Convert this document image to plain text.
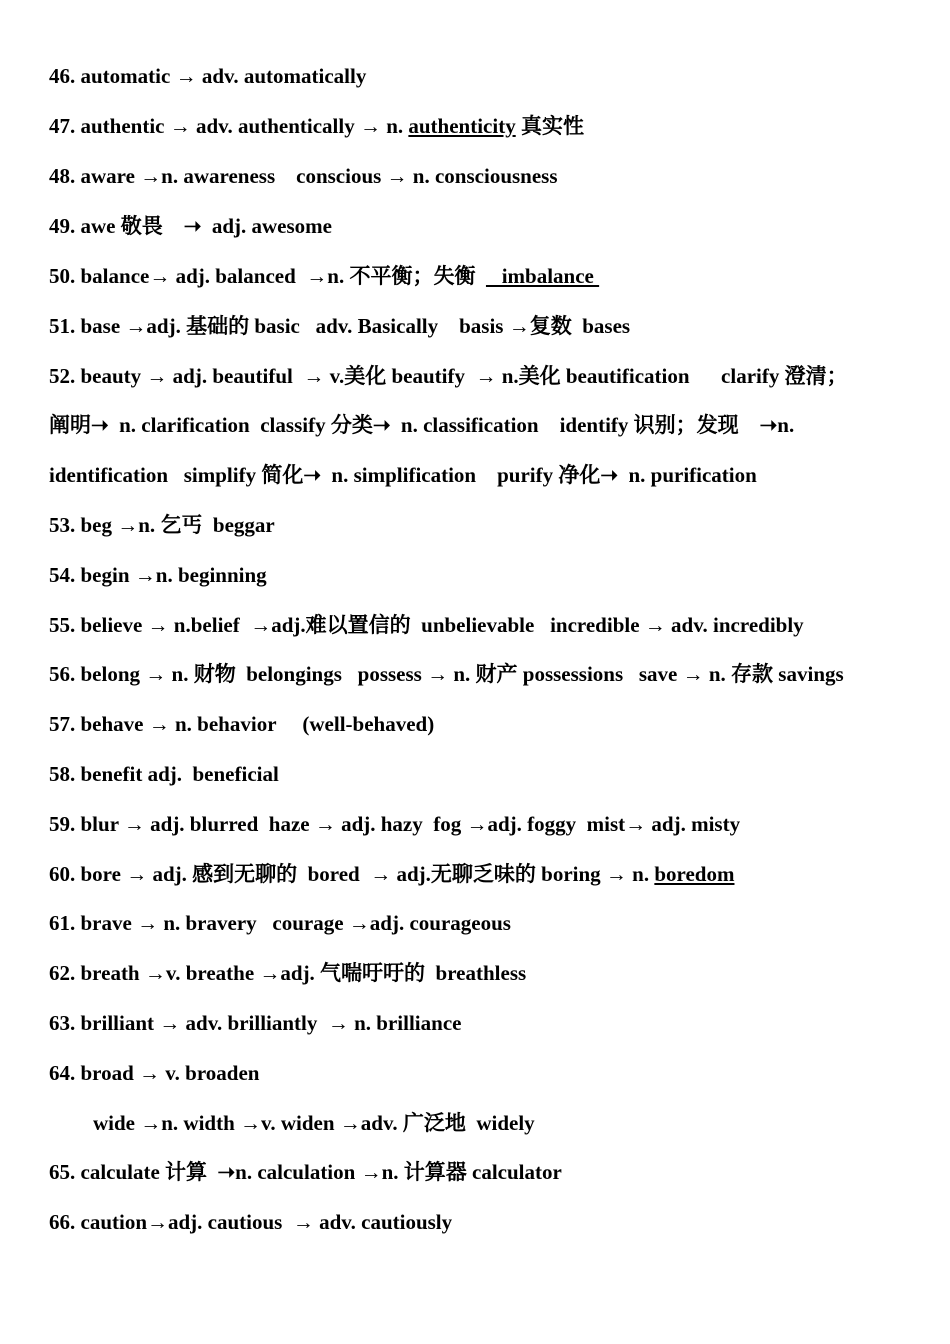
46. automatic → adv. automatically
47. authentic → adv. authentically → n. authenticity 真实性
48. aware →n. awareness    conscious → n. consciousness
49. awe 敬畏    ➝  adj. awesome
50. balance→ adj. balanced  →n. 不平衡；失衡     imbalance
51. base →adj. 基础的 basic   adv. Basically    basis →复数  bases
52. beauty → adj. beautiful  → v.美化 beautify  → n.美化 beautification      clarify 澄清；
阐明➝  n. clarification  classify 分类➝  n. classification    identify 识别；发现    ➝n.
identification   simplify 简化➝  n. simplification    purify 净化➝  n. purification
53. beg →n. 乞丐  beggar
54. begin →n. beginning
55. believe → n.belief  →adj.难以置信的  unbelievable   incredible → adv. incredibly
56. belong → n. 财物  belongings   possess → n. 财产 possessions   save → n. 存款 savings
57. behave → n. behavior     (well-behaved)
58. benefit adj.  beneficial
59. blur → adj. blurred  haze → adj. hazy  fog →adj. foggy  mist→ adj. misty
60. bore → adj. 感到无聊的  bored  → adj.无聊乏味的 boring → n. boredom
61. brave → n. bravery   courage →adj. courageous
62. breath →v. breathe →adj. 气喘吁吁的  breathless
63. brilliant → adv. brilliantly  → n. brilliance
64. broad → v. broaden
wide →n. width →v. widen →adv. 广泛地  widely
65. calculate 计算  ➝n. calculation →n. 计算器 calculator
66. caution→adj. cautious  → adv. cautiously
